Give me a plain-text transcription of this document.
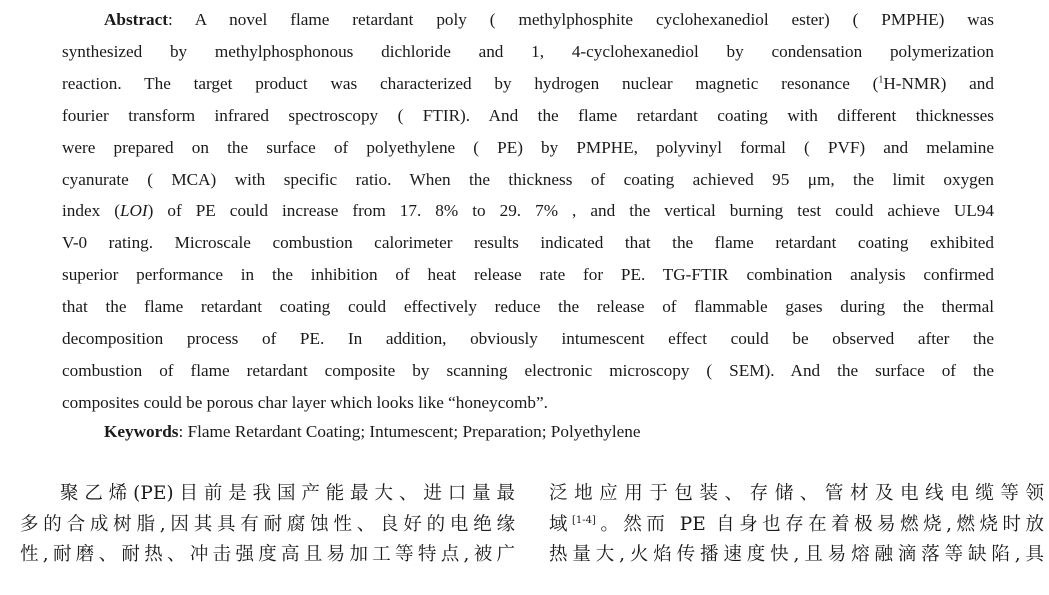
Abstract: A novel flame retardant poly ( methylphosphite cyclohexanediol ester) ( PMPHE) was
synthesized by methylphosphonous dichloride and 1, 4-cyclohexanediol by condensation polymerization
reaction. The target product was characterized by hydrogen nuclear magnetic resonance ($^1$H-NMR) and
fourier transform infrared spectroscopy ( FTIR). And the flame retardant coating with different thicknesses
were prepared on the surface of polyethylene ( PE) by PMPHE, polyvinyl formal ( PVF) and melamine
cyanurate ( MCA) with specific ratio. When the thickness of coating achieved 95 μm, the limit oxygen
index (LOI) of PE could increase from 17. 8% to 29. 7% , and the vertical burning test could achieve UL94
V-0 rating. Microscale combustion calorimeter results indicated that the flame retardant coating exhibited
superior performance in the inhibition of heat release rate for PE. TG-FTIR combination analysis confirmed
that the flame retardant coating could effectively reduce the release of flammable gases during the thermal
decomposition process of PE. In addition, obviously intumescent effect could be observed after the
combustion of flame retardant composite by scanning electronic microscopy ( SEM). And the surface of the
composites could be porous char layer which looks like “honeycomb”.
Keywords: Flame Retardant Coating; Intumescent; Preparation; Polyethylene
聚乙烯(PE)目前是我国产能最大、进口量最
多的合成树脂,因其具有耐腐蚀性、良好的电绝缘
性,耐磨、耐热、冲击强度高且易加工等特点,被广
泛地应用于包装、存储、管材及电线电缆等领
域[1-4]。然而 PE 自身也存在着极易燃烧,燃烧时放
热量大,火焰传播速度快,且易熔融滴落等缺陷,具
